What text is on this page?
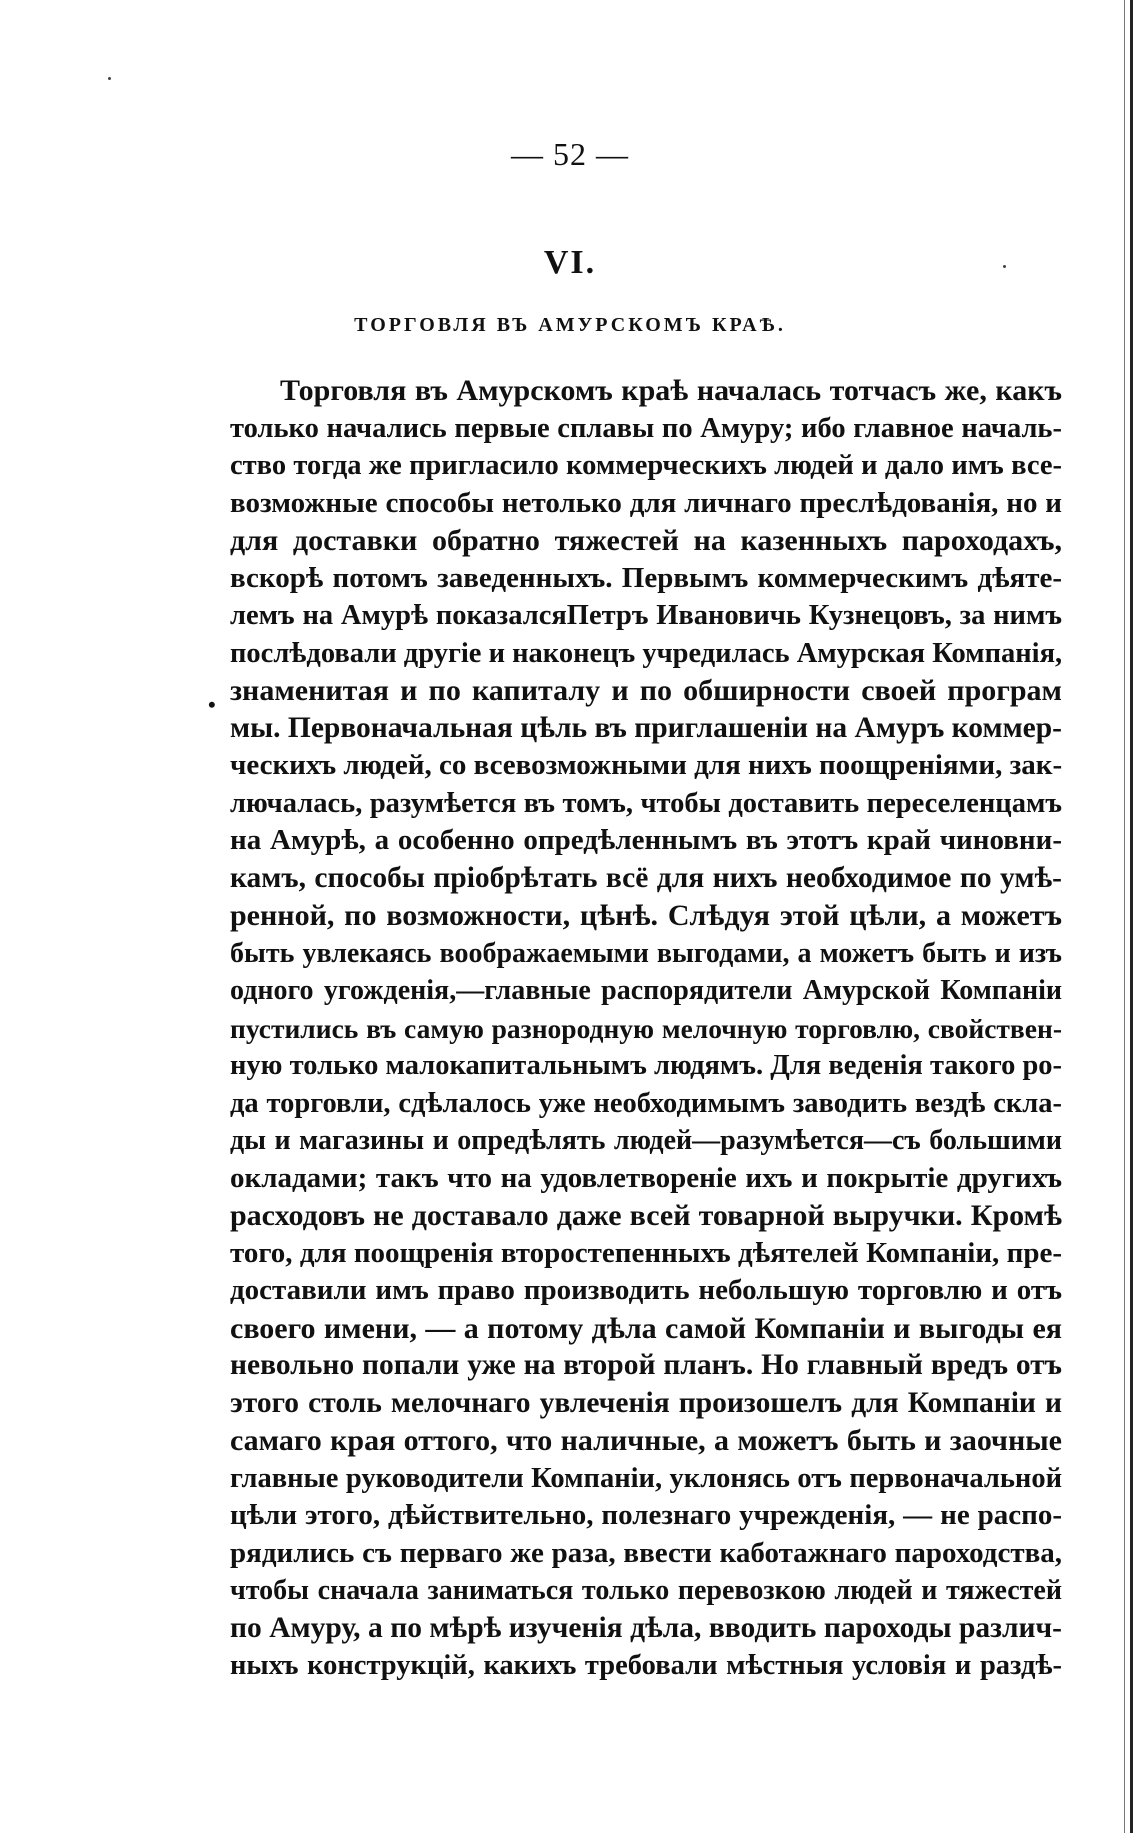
— 52 —
VI.
ТОРГОВЛЯ ВЪ АМУРСКОМЪ КРАѢ.
•
Торговля въ Амурскомъ краѣ началась тотчасъ же, какъ
только начались первые сплавы по Амуру; ибо главное началь-
ство тогда же пригласило коммерческихъ людей и дало имъ все-
возможные способы нетолько для личнаго преслѣдованія, но и
для доставки обратно тяжестей на казенныхъ пароходахъ,
вскорѣ потомъ заведенныхъ. Первымъ коммерческимъ дѣяте-
лемъ на Амурѣ показалсяПетръ Ивановичь Кузнецовъ, за нимъ
послѣдовали другіе и наконецъ учредилась Амурская Компанія,
знаменитая и по капиталу и по обширности своей програм
мы. Первоначальная цѣль въ приглашеніи на Амуръ коммер-
ческихъ людей, со всевозможными для нихъ поощреніями, зак-
лючалась, разумѣется въ томъ, чтобы доставить переселенцамъ
на Амурѣ, а особенно опредѣленнымъ въ этотъ край чиновни-
камъ, способы пріобрѣтать всё для нихъ необходимое по умѣ-
ренной, по возможности, цѣнѣ. Слѣдуя этой цѣли, а можетъ
быть увлекаясь воображаемыми выгодами, а можетъ быть и изъ
одного угожденія,—главные распорядители Амурской Компаніи
пустились въ самую разнородную мелочную торговлю, свойствен-
ную только малокапитальнымъ людямъ. Для веденія такого ро-
да торговли, сдѣлалось уже необходимымъ заводить вездѣ скла-
ды и магазины и опредѣлять людей—разумѣется—съ большими
окладами; такъ что на удовлетвореніе ихъ и покрытіе другихъ
расходовъ не доставало даже всей товарной выручки. Кромѣ
того, для поощренія второстепенныхъ дѣятелей Компаніи, пре-
доставили имъ право производить небольшую торговлю и отъ
своего имени, — а потому дѣла самой Компаніи и выгоды ея
невольно попали уже на второй планъ. Но главный вредъ отъ
этого столь мелочнаго увлеченія произошелъ для Компаніи и
самаго края оттого, что наличные, а можетъ быть и заочные
главные руководители Компаніи, уклонясь отъ первоначальной
цѣли этого, дѣйствительно, полезнаго учрежденія, — не распо-
рядились съ перваго же раза, ввести каботажнаго пароходства,
чтобы сначала заниматься только перевозкою людей и тяжестей
по Амуру, а по мѣрѣ изученія дѣла, вводить пароходы различ-
ныхъ конструкцій, какихъ требовали мѣстныя условія и раздѣ-
